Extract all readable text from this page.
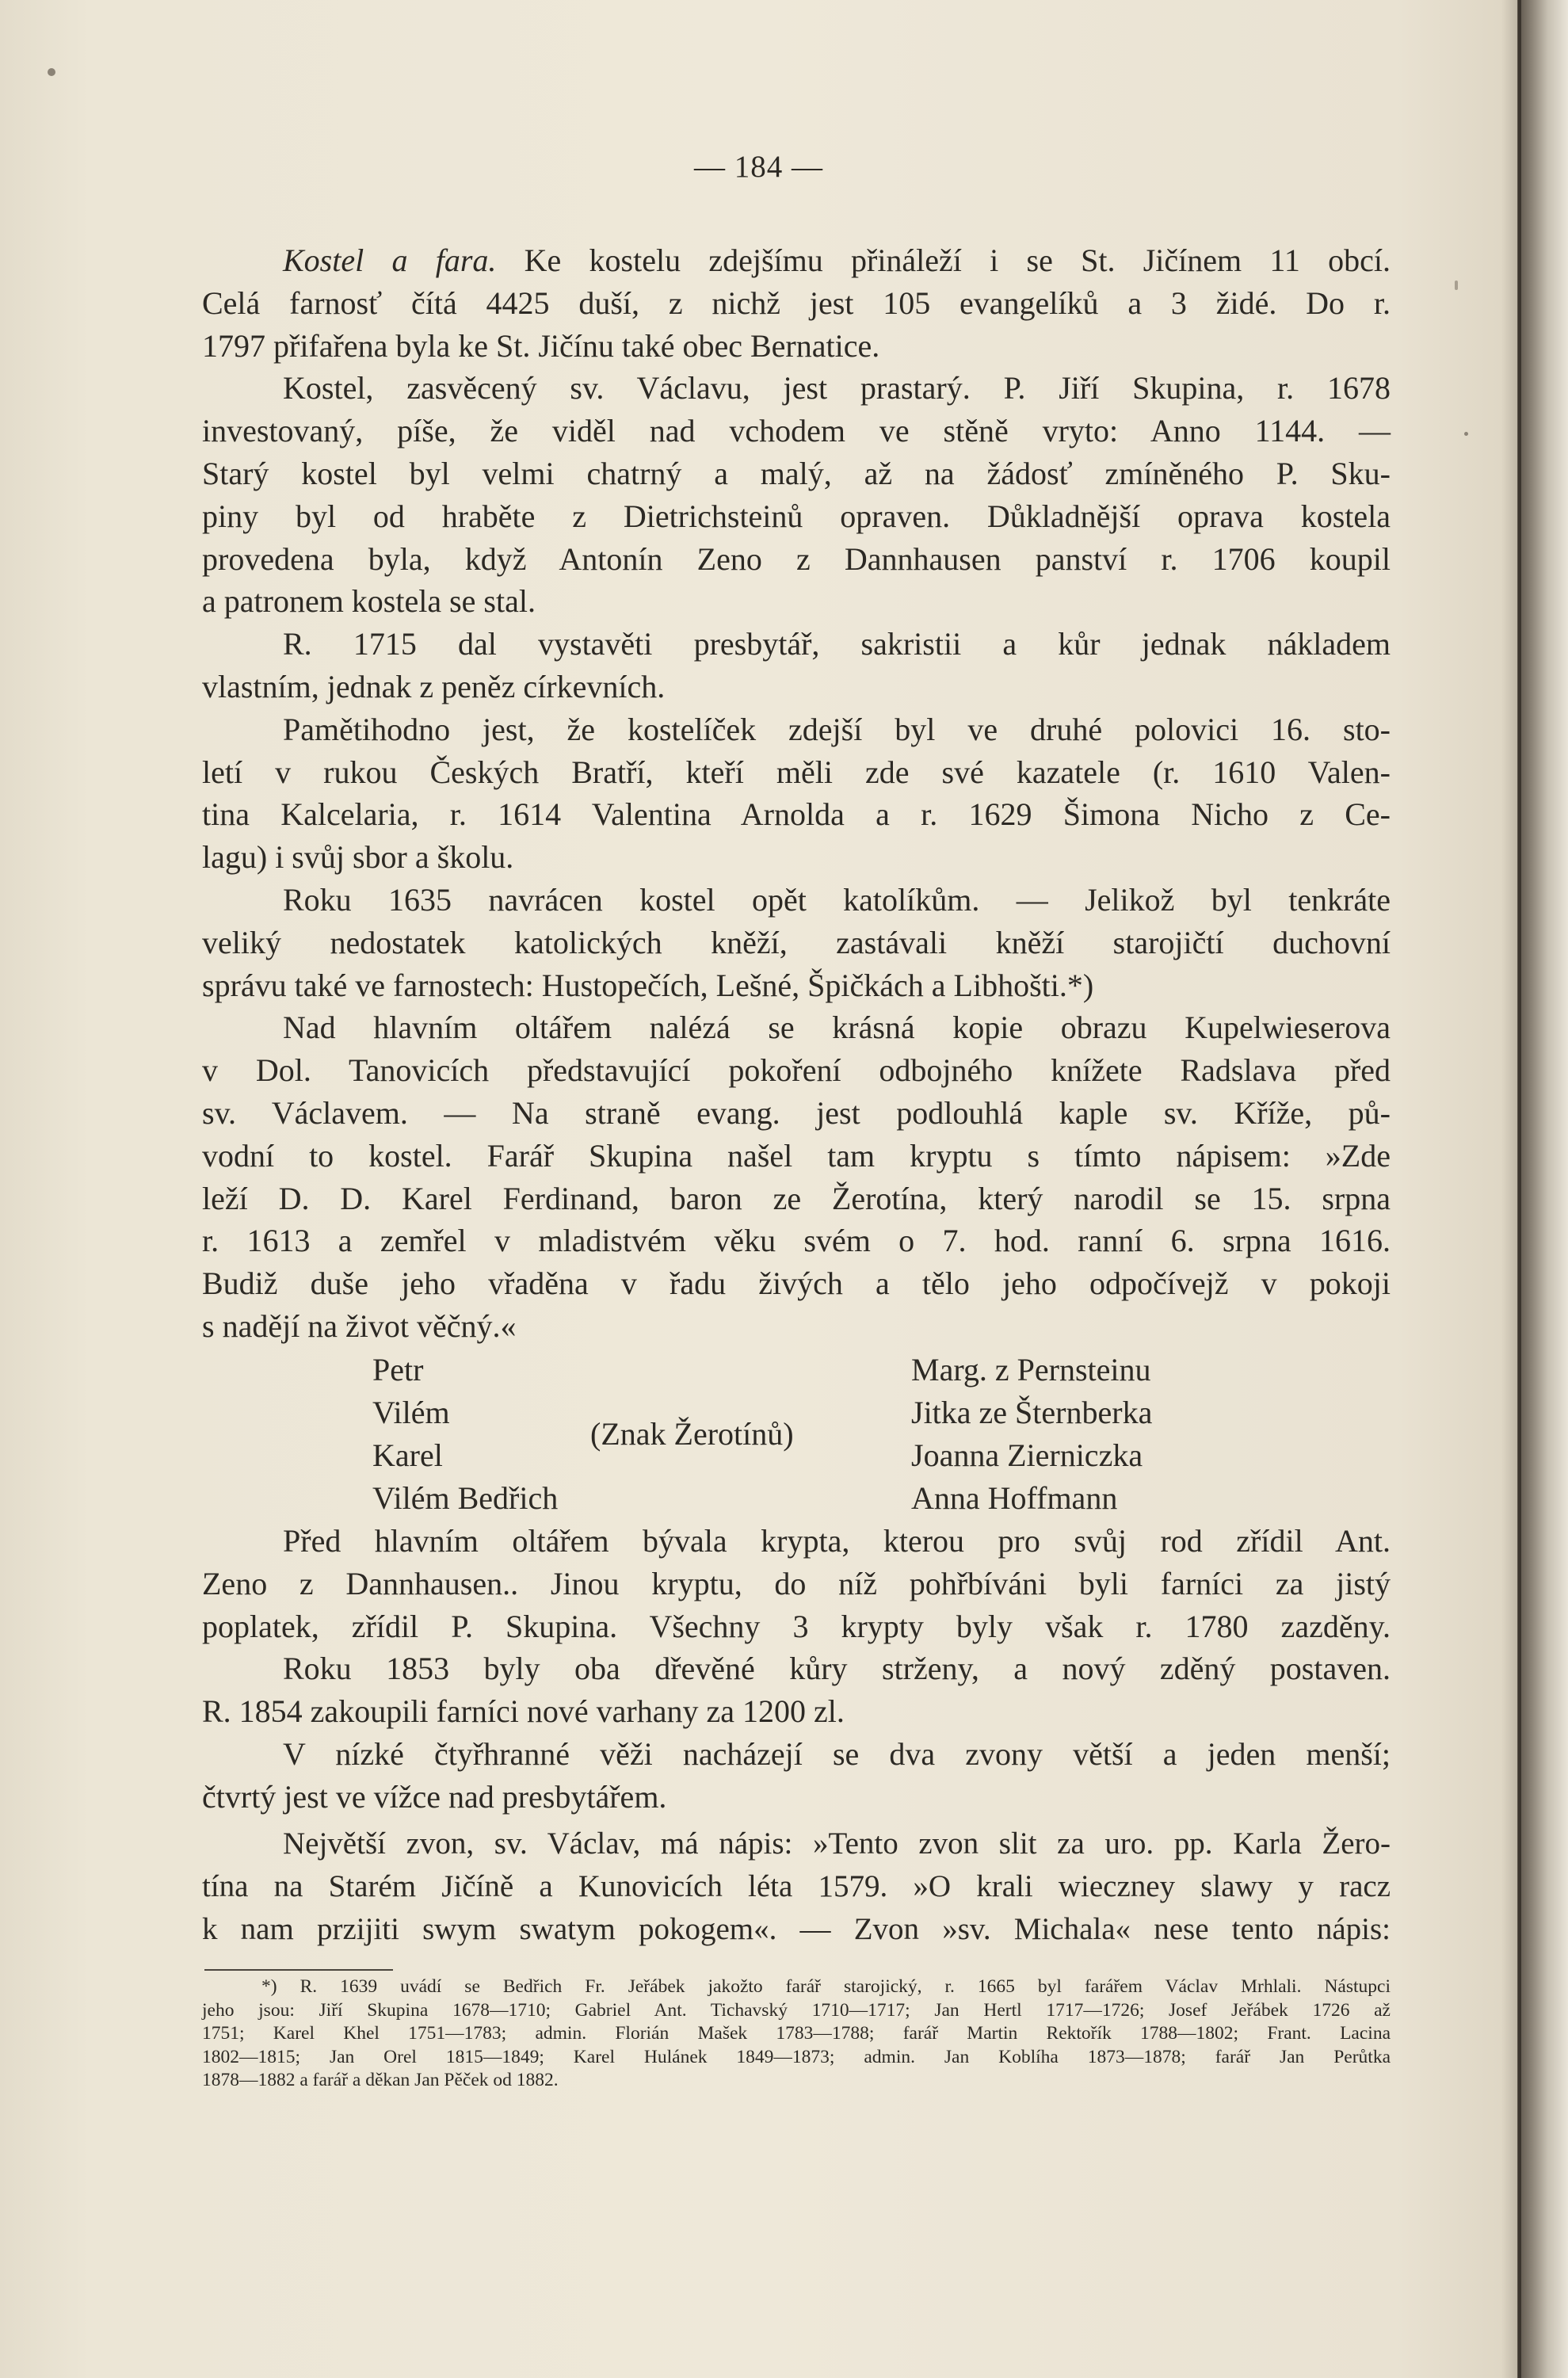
— 184 —
Kostel a fara. Ke kostelu zdejšímu přináleží i se St. Jičínem 11 obcí.
Celá farnosť čítá 4425 duší, z nichž jest 105 evangelíků a 3 židé. Do r.
1797 přifařena byla ke St. Jičínu také obec Bernatice.
Kostel, zasvěcený sv. Václavu, jest prastarý. P. Jiří Skupina, r. 1678
investovaný, píše, že viděl nad vchodem ve stěně vryto: Anno 1144. —
Starý kostel byl velmi chatrný a malý, až na žádosť zmíněného P. Sku-
piny byl od hraběte z Dietrichsteinů opraven. Důkladnější oprava kostela
provedena byla, když Antonín Zeno z Dannhausen panství r. 1706 koupil
a patronem kostela se stal.
R. 1715 dal vystavěti presbytář, sakristii a kůr jednak nákladem
vlastním, jednak z peněz církevních.
Pamětihodno jest, že kostelíček zdejší byl ve druhé polovici 16. sto-
letí v rukou Českých Bratří, kteří měli zde své kazatele (r. 1610 Valen-
tina Kalcelaria, r. 1614 Valentina Arnolda a r. 1629 Šimona Nicho z Ce-
lagu) i svůj sbor a školu.
Roku 1635 navrácen kostel opět katolíkům. — Jelikož byl tenkráte
veliký nedostatek katolických kněží, zastávali kněží starojičtí duchovní
správu také ve farnostech: Hustopečích, Lešné, Špičkách a Libhošti.*)
Nad hlavním oltářem nalézá se krásná kopie obrazu Kupelwieserova
v Dol. Tanovicích představující pokoření odbojného knížete Radslava před
sv. Václavem. — Na straně evang. jest podlouhlá kaple sv. Kříže, pů-
vodní to kostel. Farář Skupina našel tam kryptu s tímto nápisem: »Zde
leží D. D. Karel Ferdinand, baron ze Žerotína, který narodil se 15. srpna
r. 1613 a zemřel v mladistvém věku svém o 7. hod. ranní 6. srpna 1616.
Budiž duše jeho vřaděna v řadu živých a tělo jeho odpočívejž v pokoji
s nadějí na život věčný.«
Petr
Vilém
Karel
Vilém Bedřich
(Znak Žerotínů)
Marg. z Pernsteinu
Jitka ze Šternberka
Joanna Zierniczka
Anna Hoffmann
Před hlavním oltářem bývala krypta, kterou pro svůj rod zřídil Ant.
Zeno z Dannhausen.. Jinou kryptu, do níž pohřbíváni byli farníci za jistý
poplatek, zřídil P. Skupina. Všechny 3 krypty byly však r. 1780 zazděny.
Roku 1853 byly oba dřevěné kůry strženy, a nový zděný postaven.
R. 1854 zakoupili farníci nové varhany za 1200 zl.
V nízké čtyřhranné věži nacházejí se dva zvony větší a jeden menší;
čtvrtý jest ve vížce nad presbytářem.
Největší zvon, sv. Václav, má nápis: »Tento zvon slit za uro. pp. Karla Žero-
tína na Starém Jičíně a Kunovicích léta 1579. »O krali wieczney slawy y racz
k nam przijiti swym swatym pokogem«. — Zvon »sv. Michala« nese tento nápis:
*) R. 1639 uvádí se Bedřich Fr. Jeřábek jakožto farář starojický, r. 1665 byl farářem Václav Mrhlali. Nástupci
jeho jsou: Jiří Skupina 1678—1710; Gabriel Ant. Tichavský 1710—1717; Jan Hertl 1717—1726; Josef Jeřábek 1726 až
1751; Karel Khel 1751—1783; admin. Florián Mašek 1783—1788; farář Martin Rektořík 1788—1802; Frant. Lacina
1802—1815; Jan Orel 1815—1849; Karel Hulánek 1849—1873; admin. Jan Koblíha 1873—1878; farář Jan Perůtka
1878—1882 a farář a děkan Jan Pěček od 1882.
